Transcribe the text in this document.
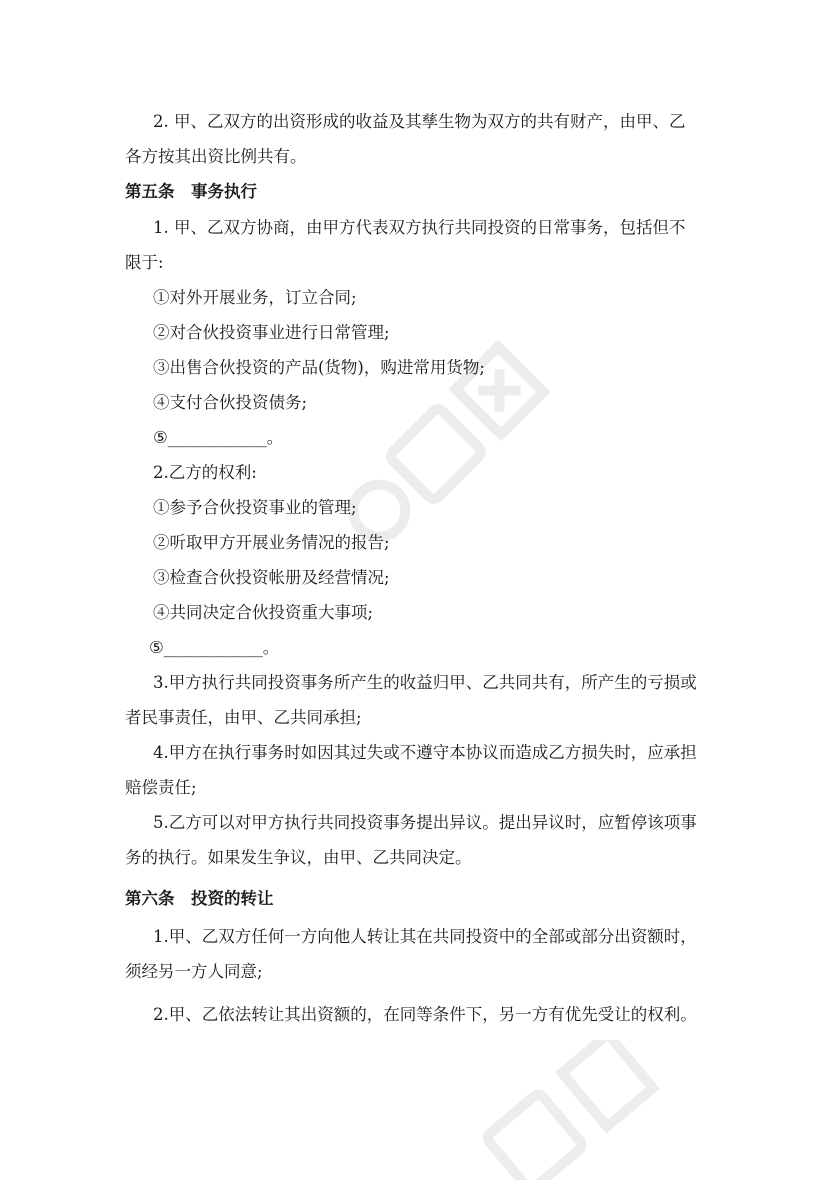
2. 甲、乙双方的出资形成的收益及其孳生物为双方的共有财产，由甲、乙
各方按其出资比例共有。
第五条　事务执行
1. 甲、乙双方协商，由甲方代表双方执行共同投资的日常事务，包括但不
限于:
①对外开展业务，订立合同;
②对合伙投资事业进行日常管理;
③出售合伙投资的产品(货物)，购进常用货物;
④支付合伙投资债务;
⑤____________。
2.乙方的权利:
①参予合伙投资事业的管理;
②听取甲方开展业务情况的报告;
③检查合伙投资帐册及经营情况;
④共同决定合伙投资重大事项;
⑤____________。
3.甲方执行共同投资事务所产生的收益归甲、乙共同共有，所产生的亏损或
者民事责任，由甲、乙共同承担;
4.甲方在执行事务时如因其过失或不遵守本协议而造成乙方损失时，应承担
赔偿责任;
5.乙方可以对甲方执行共同投资事务提出异议。提出异议时，应暂停该项事
务的执行。如果发生争议，由甲、乙共同决定。
第六条　投资的转让
1.甲、乙双方任何一方向他人转让其在共同投资中的全部或部分出资额时，
须经另一方人同意;
2.甲、乙依法转让其出资额的，在同等条件下，另一方有优先受让的权利。
